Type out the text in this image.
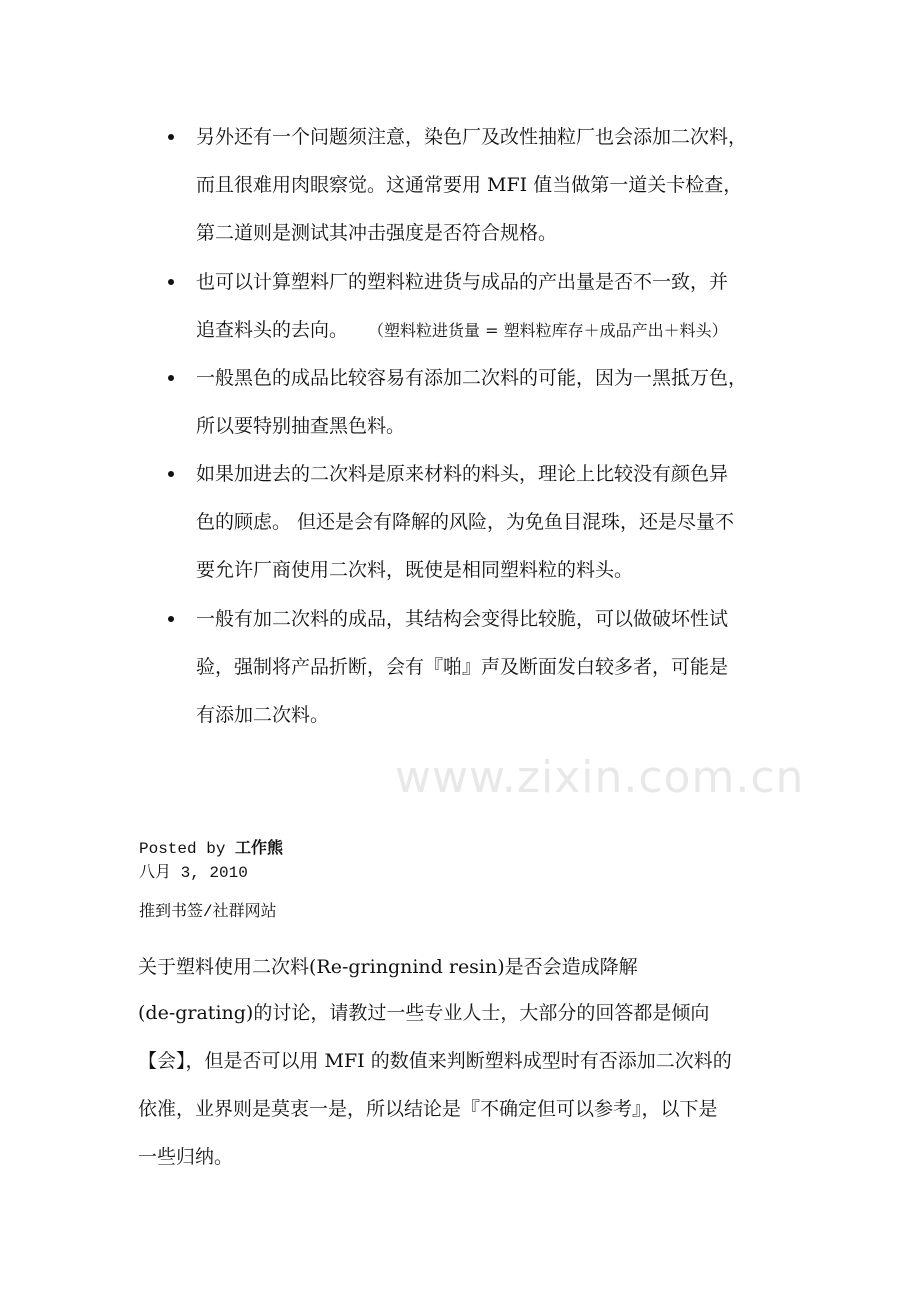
另外还有一个问题须注意，染色厂及改性抽粒厂也会添加二次料，
而且很难用肉眼察觉。这通常要用 MFI 值当做第一道关卡检查，
第二道则是测试其冲击强度是否符合规格。
也可以计算塑料厂的塑料粒进货与成品的产出量是否不一致，并
追查料头的去向。 （塑料粒进货量 = 塑料粒库存＋成品产出＋料头）
一般黑色的成品比较容易有添加二次料的可能，因为一黑抵万色，
所以要特别抽查黑色料。
如果加进去的二次料是原来材料的料头，理论上比较没有颜色异
色的顾虑。 但还是会有降解的风险，为免鱼目混珠，还是尽量不
要允许厂商使用二次料，既使是相同塑料粒的料头。
一般有加二次料的成品，其结构会变得比较脆，可以做破坏性试
验，强制将产品折断，会有『啪』声及断面发白较多者，可能是
有添加二次料。
www.zixin.com.cn
Posted by 工作熊
八月 3, 2010
推到书签/社群网站
关于塑料使用二次料(Re-gringnind resin)是否会造成降解
(de-grating)的讨论，请教过一些专业人士，大部分的回答都是倾向
【会】，但是否可以用 MFI 的数值来判断塑料成型时有否添加二次料的
依准，业界则是莫衷一是，所以结论是『不确定但可以参考』，以下是
一些归纳。
